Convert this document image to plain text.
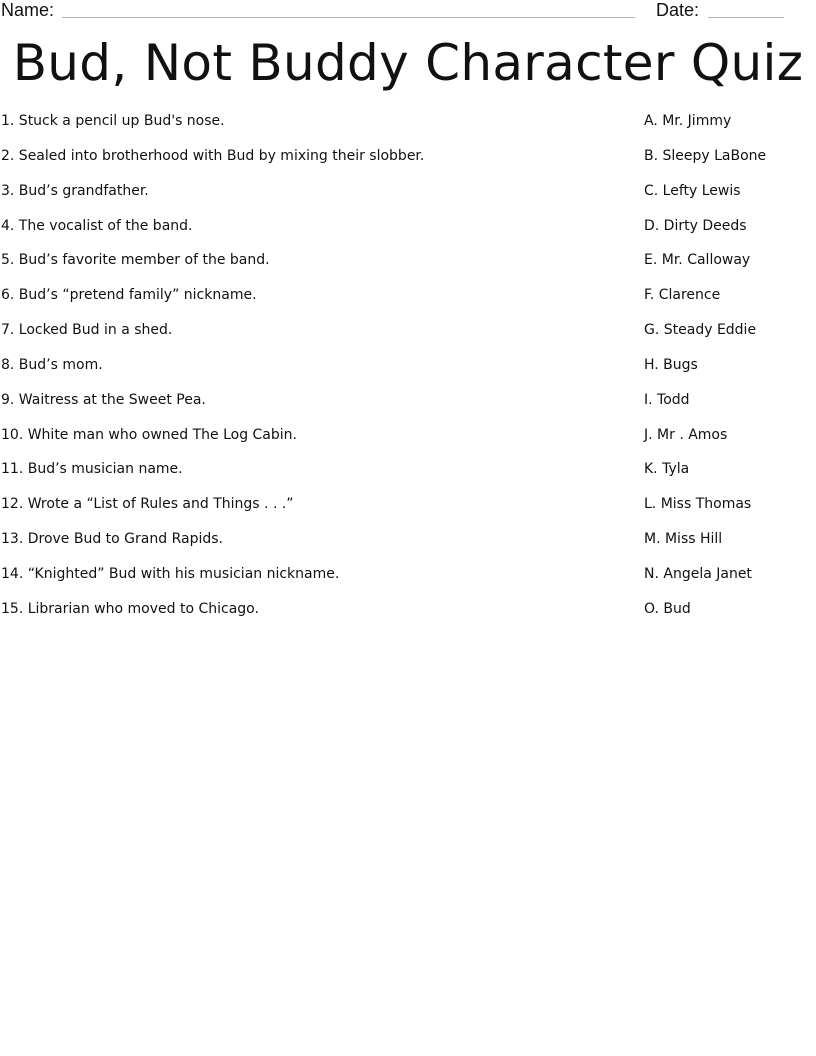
Name:	Date:
Bud, Not Buddy Character Quiz
1. Stuck a pencil up Bud's nose.
2. Sealed into brotherhood with Bud by mixing their slobber.
3. Bud’s grandfather.
4. The vocalist of the band.
5. Bud’s favorite member of the band.
6. Bud’s “pretend family” nickname.
7. Locked Bud in a shed.
8. Bud’s mom.
9. Waitress at the Sweet Pea.
10. White man who owned The Log Cabin.
11. Bud’s musician name.
12. Wrote a “List of Rules and Things . . .”
13. Drove Bud to Grand Rapids.
14. “Knighted” Bud with his musician nickname.
15. Librarian who moved to Chicago.
A. Mr. Jimmy
B. Sleepy LaBone
C. Lefty Lewis
D. Dirty Deeds
E. Mr. Calloway
F. Clarence
G. Steady Eddie
H. Bugs
I. Todd
J. Mr . Amos
K. Tyla
L. Miss Thomas
M. Miss Hill
N. Angela Janet
O. Bud
